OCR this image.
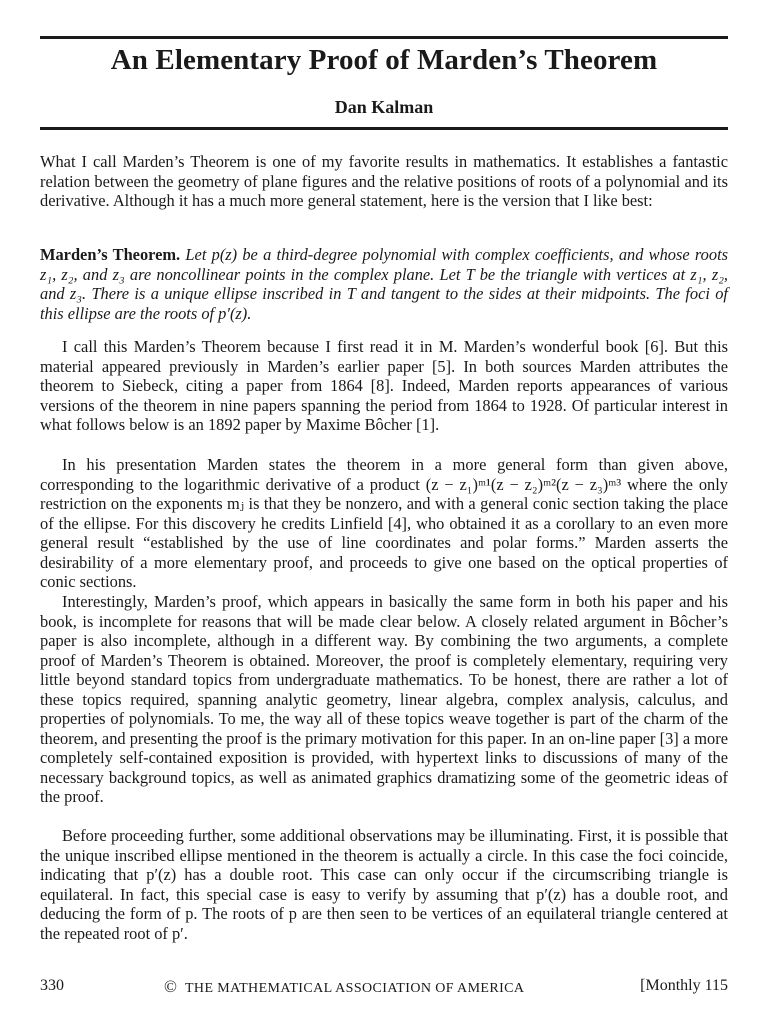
An Elementary Proof of Marden’s Theorem
Dan Kalman

What I call Marden’s Theorem is one of my favorite results in mathematics. It establishes a fantastic relation between the geometry of plane figures and the relative positions of roots of a polynomial and its derivative. Although it has a much more general statement, here is the version that I like best:

Marden’s Theorem. Let p(z) be a third-degree polynomial with complex coefficients, and whose roots z₁, z₂, and z₃ are noncollinear points in the complex plane. Let T be the triangle with vertices at z₁, z₂, and z₃. There is a unique ellipse inscribed in T and tangent to the sides at their midpoints. The foci of this ellipse are the roots of p′(z).

I call this Marden’s Theorem because I first read it in M. Marden’s wonderful book [6]. But this material appeared previously in Marden’s earlier paper [5]. In both sources Marden attributes the theorem to Siebeck, citing a paper from 1864 [8]. Indeed, Marden reports appearances of various versions of the theorem in nine papers spanning the period from 1864 to 1928. Of particular interest in what follows below is an 1892 paper by Maxime Bôcher [1].

In his presentation Marden states the theorem in a more general form than given above, corresponding to the logarithmic derivative of a product (z − z₁)ᵐ¹(z − z₂)ᵐ²(z − z₃)ᵐ³ where the only restriction on the exponents mⱼ is that they be nonzero, and with a general conic section taking the place of the ellipse. For this discovery he credits Linfield [4], who obtained it as a corollary to an even more general result “established by the use of line coordinates and polar forms.” Marden asserts the desirability of a more elementary proof, and proceeds to give one based on the optical properties of conic sections.

Interestingly, Marden’s proof, which appears in basically the same form in both his paper and his book, is incomplete for reasons that will be made clear below. A closely related argument in Bôcher’s paper is also incomplete, although in a different way. By combining the two arguments, a complete proof of Marden’s Theorem is obtained. Moreover, the proof is completely elementary, requiring very little beyond standard topics from undergraduate mathematics. To be honest, there are rather a lot of these topics required, spanning analytic geometry, linear algebra, complex analysis, calculus, and properties of polynomials. To me, the way all of these topics weave together is part of the charm of the theorem, and presenting the proof is the primary motivation for this paper. In an on-line paper [3] a more completely self-contained exposition is provided, with hypertext links to discussions of many of the necessary background topics, as well as animated graphics dramatizing some of the geometric ideas of the proof.

Before proceeding further, some additional observations may be illuminating. First, it is possible that the unique inscribed ellipse mentioned in the theorem is actually a circle. In this case the foci coincide, indicating that p′(z) has a double root. This case can only occur if the circumscribing triangle is equilateral. In fact, this special case is easy to verify by assuming that p′(z) has a double root, and deducing the form of p. The roots of p are then seen to be vertices of an equilateral triangle centered at the repeated root of p′.

330	© THE MATHEMATICAL ASSOCIATION OF AMERICA	[Monthly 115
